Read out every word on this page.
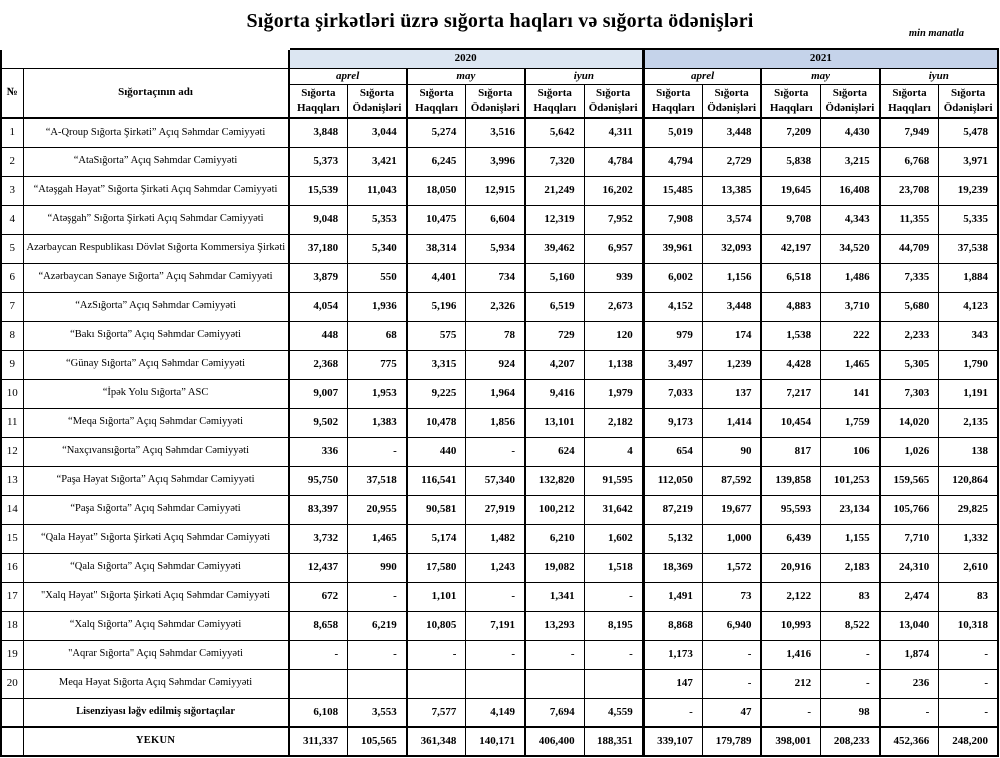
Sığorta şirkətləri üzrə sığorta haqları və sığorta ödənişləri
min manatla
		2020						2021					
№	Sığortaçının adı	aprel		may		iyun		aprel		may		iyun	
		Sığorta Haqqları	Sığorta Ödənişləri	Sığorta Haqqları	Sığorta Ödənişləri	Sığorta Haqqları	Sığorta Ödənişləri	Sığorta Haqqları	Sığorta Ödənişləri	Sığorta Haqqları	Sığorta Ödənişləri	Sığorta Haqqları	Sığorta Ödənişləri
1	“A-Qroup Sığorta Şirkəti” Açıq Səhmdar Cəmiyyəti	3,848	3,044	5,274	3,516	5,642	4,311	5,019	3,448	7,209	4,430	7,949	5,478
2	“AtaSığorta” Açıq Səhmdar Cəmiyyəti	5,373	3,421	6,245	3,996	7,320	4,784	4,794	2,729	5,838	3,215	6,768	3,971
3	“Atəşgah Həyat” Sığorta Şirkəti Açıq Səhmdar Cəmiyyəti	15,539	11,043	18,050	12,915	21,249	16,202	15,485	13,385	19,645	16,408	23,708	19,239
4	“Atəşgah” Sığorta Şirkəti Açıq Səhmdar Cəmiyyəti	9,048	5,353	10,475	6,604	12,319	7,952	7,908	3,574	9,708	4,343	11,355	5,335
5	Azərbaycan Respublikası Dövlət Sığorta Kommersiya Şirkəti	37,180	5,340	38,314	5,934	39,462	6,957	39,961	32,093	42,197	34,520	44,709	37,538
6	“Azərbaycan Sənaye Sığorta” Açıq Səhmdar Cəmiyyəti	3,879	550	4,401	734	5,160	939	6,002	1,156	6,518	1,486	7,335	1,884
7	“AzSığorta” Açıq Səhmdar Cəmiyyəti	4,054	1,936	5,196	2,326	6,519	2,673	4,152	3,448	4,883	3,710	5,680	4,123
8	“Bakı Sığorta” Açıq Səhmdar Cəmiyyəti	448	68	575	78	729	120	979	174	1,538	222	2,233	343
9	“Günay Sığorta” Açıq Səhmdar Cəmiyyəti	2,368	775	3,315	924	4,207	1,138	3,497	1,239	4,428	1,465	5,305	1,790
10	“İpək Yolu Sığorta” ASC	9,007	1,953	9,225	1,964	9,416	1,979	7,033	137	7,217	141	7,303	1,191
11	“Meqa Sığorta” Açıq Səhmdar Cəmiyyəti	9,502	1,383	10,478	1,856	13,101	2,182	9,173	1,414	10,454	1,759	14,020	2,135
12	“Naxçıvansığorta” Açıq Səhmdar Cəmiyyəti	336	-	440	-	624	4	654	90	817	106	1,026	138
13	“Paşa Həyat Sığorta” Açıq Səhmdar Cəmiyyəti	95,750	37,518	116,541	57,340	132,820	91,595	112,050	87,592	139,858	101,253	159,565	120,864
14	“Paşa Sığorta” Açıq Səhmdar Cəmiyyəti	83,397	20,955	90,581	27,919	100,212	31,642	87,219	19,677	95,593	23,134	105,766	29,825
15	“Qala Həyat” Sığorta Şirkəti Açıq Səhmdar Cəmiyyəti	3,732	1,465	5,174	1,482	6,210	1,602	5,132	1,000	6,439	1,155	7,710	1,332
16	“Qala Sığorta” Açıq Səhmdar Cəmiyyəti	12,437	990	17,580	1,243	19,082	1,518	18,369	1,572	20,916	2,183	24,310	2,610
17	"Xalq Həyat" Sığorta Şirkəti Açıq Səhmdar Cəmiyyəti	672	-	1,101	-	1,341	-	1,491	73	2,122	83	2,474	83
18	“Xalq Sığorta” Açıq Səhmdar Cəmiyyəti	8,658	6,219	10,805	7,191	13,293	8,195	8,868	6,940	10,993	8,522	13,040	10,318
19	"Aqrar Sığorta" Açıq Səhmdar Cəmiyyəti	-	-	-	-	-	-	1,173	-	1,416	-	1,874	-
20	Meqa Həyat Sığorta Açıq Səhmdar Cəmiyyəti							147	-	212	-	236	-
	Lisenziyası ləğv edilmiş sığortaçılar	6,108	3,553	7,577	4,149	7,694	4,559	-	47	-	98	-	-
	YEKUN	311,337	105,565	361,348	140,171	406,400	188,351	339,107	179,789	398,001	208,233	452,366	248,200
